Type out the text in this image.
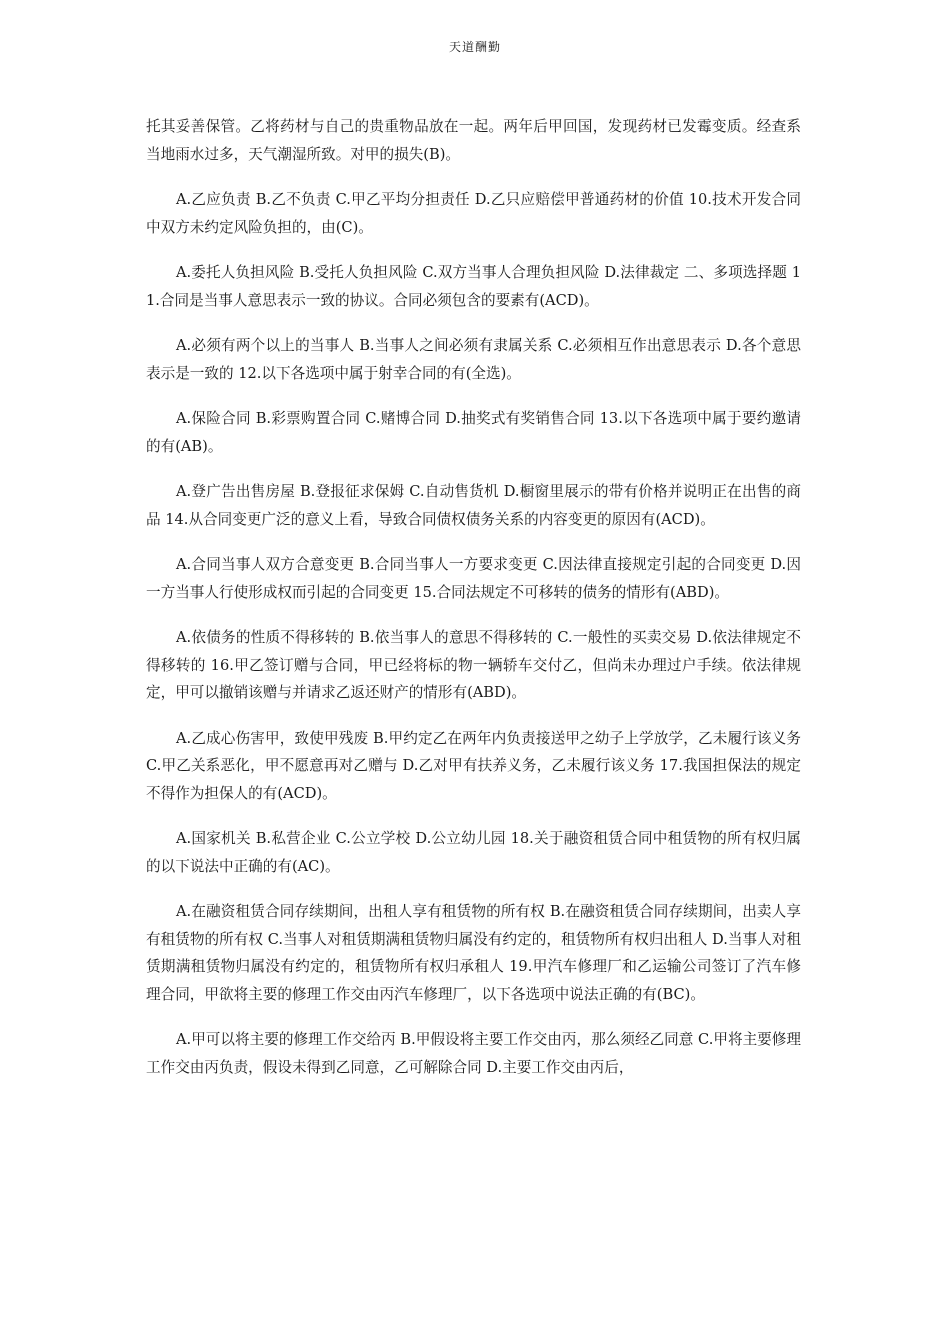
天道酬勤

托其妥善保管。乙将药材与自己的贵重物品放在一起。两年后甲回国，发现药材已发霉变质。经查系当地雨水过多，天气潮湿所致。对甲的损失(B)。

A.乙应负责 B.乙不负责 C.甲乙平均分担责任 D.乙只应赔偿甲普通药材的价值 10.技术开发合同中双方未约定风险负担的，由(C)。

A.委托人负担风险 B.受托人负担风险 C.双方当事人合理负担风险 D.法律裁定 二、多项选择题 11.合同是当事人意思表示一致的协议。合同必须包含的要素有(ACD)。

A.必须有两个以上的当事人 B.当事人之间必须有隶属关系 C.必须相互作出意思表示 D.各个意思表示是一致的 12.以下各选项中属于射幸合同的有(全选)。

A.保险合同 B.彩票购置合同 C.赌博合同 D.抽奖式有奖销售合同 13.以下各选项中属于要约邀请的有(AB)。

A.登广告出售房屋 B.登报征求保姆 C.自动售货机 D.橱窗里展示的带有价格并说明正在出售的商品 14.从合同变更广泛的意义上看，导致合同债权债务关系的内容变更的原因有(ACD)。

A.合同当事人双方合意变更 B.合同当事人一方要求变更 C.因法律直接规定引起的合同变更 D.因一方当事人行使形成权而引起的合同变更 15.合同法规定不可移转的债务的情形有(ABD)。

A.依债务的性质不得移转的 B.依当事人的意思不得移转的 C.一般性的买卖交易 D.依法律规定不得移转的 16.甲乙签订赠与合同，甲已经将标的物一辆轿车交付乙，但尚未办理过户手续。依法律规定，甲可以撤销该赠与并请求乙返还财产的情形有(ABD)。

A.乙成心伤害甲，致使甲残废 B.甲约定乙在两年内负责接送甲之幼子上学放学，乙未履行该义务 C.甲乙关系恶化，甲不愿意再对乙赠与 D.乙对甲有扶养义务，乙未履行该义务 17.我国担保法的规定不得作为担保人的有(ACD)。

A.国家机关 B.私营企业 C.公立学校 D.公立幼儿园 18.关于融资租赁合同中租赁物的所有权归属的以下说法中正确的有(AC)。

A.在融资租赁合同存续期间，出租人享有租赁物的所有权 B.在融资租赁合同存续期间，出卖人享有租赁物的所有权 C.当事人对租赁期满租赁物归属没有约定的，租赁物所有权归出租人 D.当事人对租赁期满租赁物归属没有约定的，租赁物所有权归承租人 19.甲汽车修理厂和乙运输公司签订了汽车修理合同，甲欲将主要的修理工作交由丙汽车修理厂，以下各选项中说法正确的有(BC)。

A.甲可以将主要的修理工作交给丙 B.甲假设将主要工作交由丙，那么须经乙同意 C.甲将主要修理工作交由丙负责，假设未得到乙同意，乙可解除合同 D.主要工作交由丙后，
